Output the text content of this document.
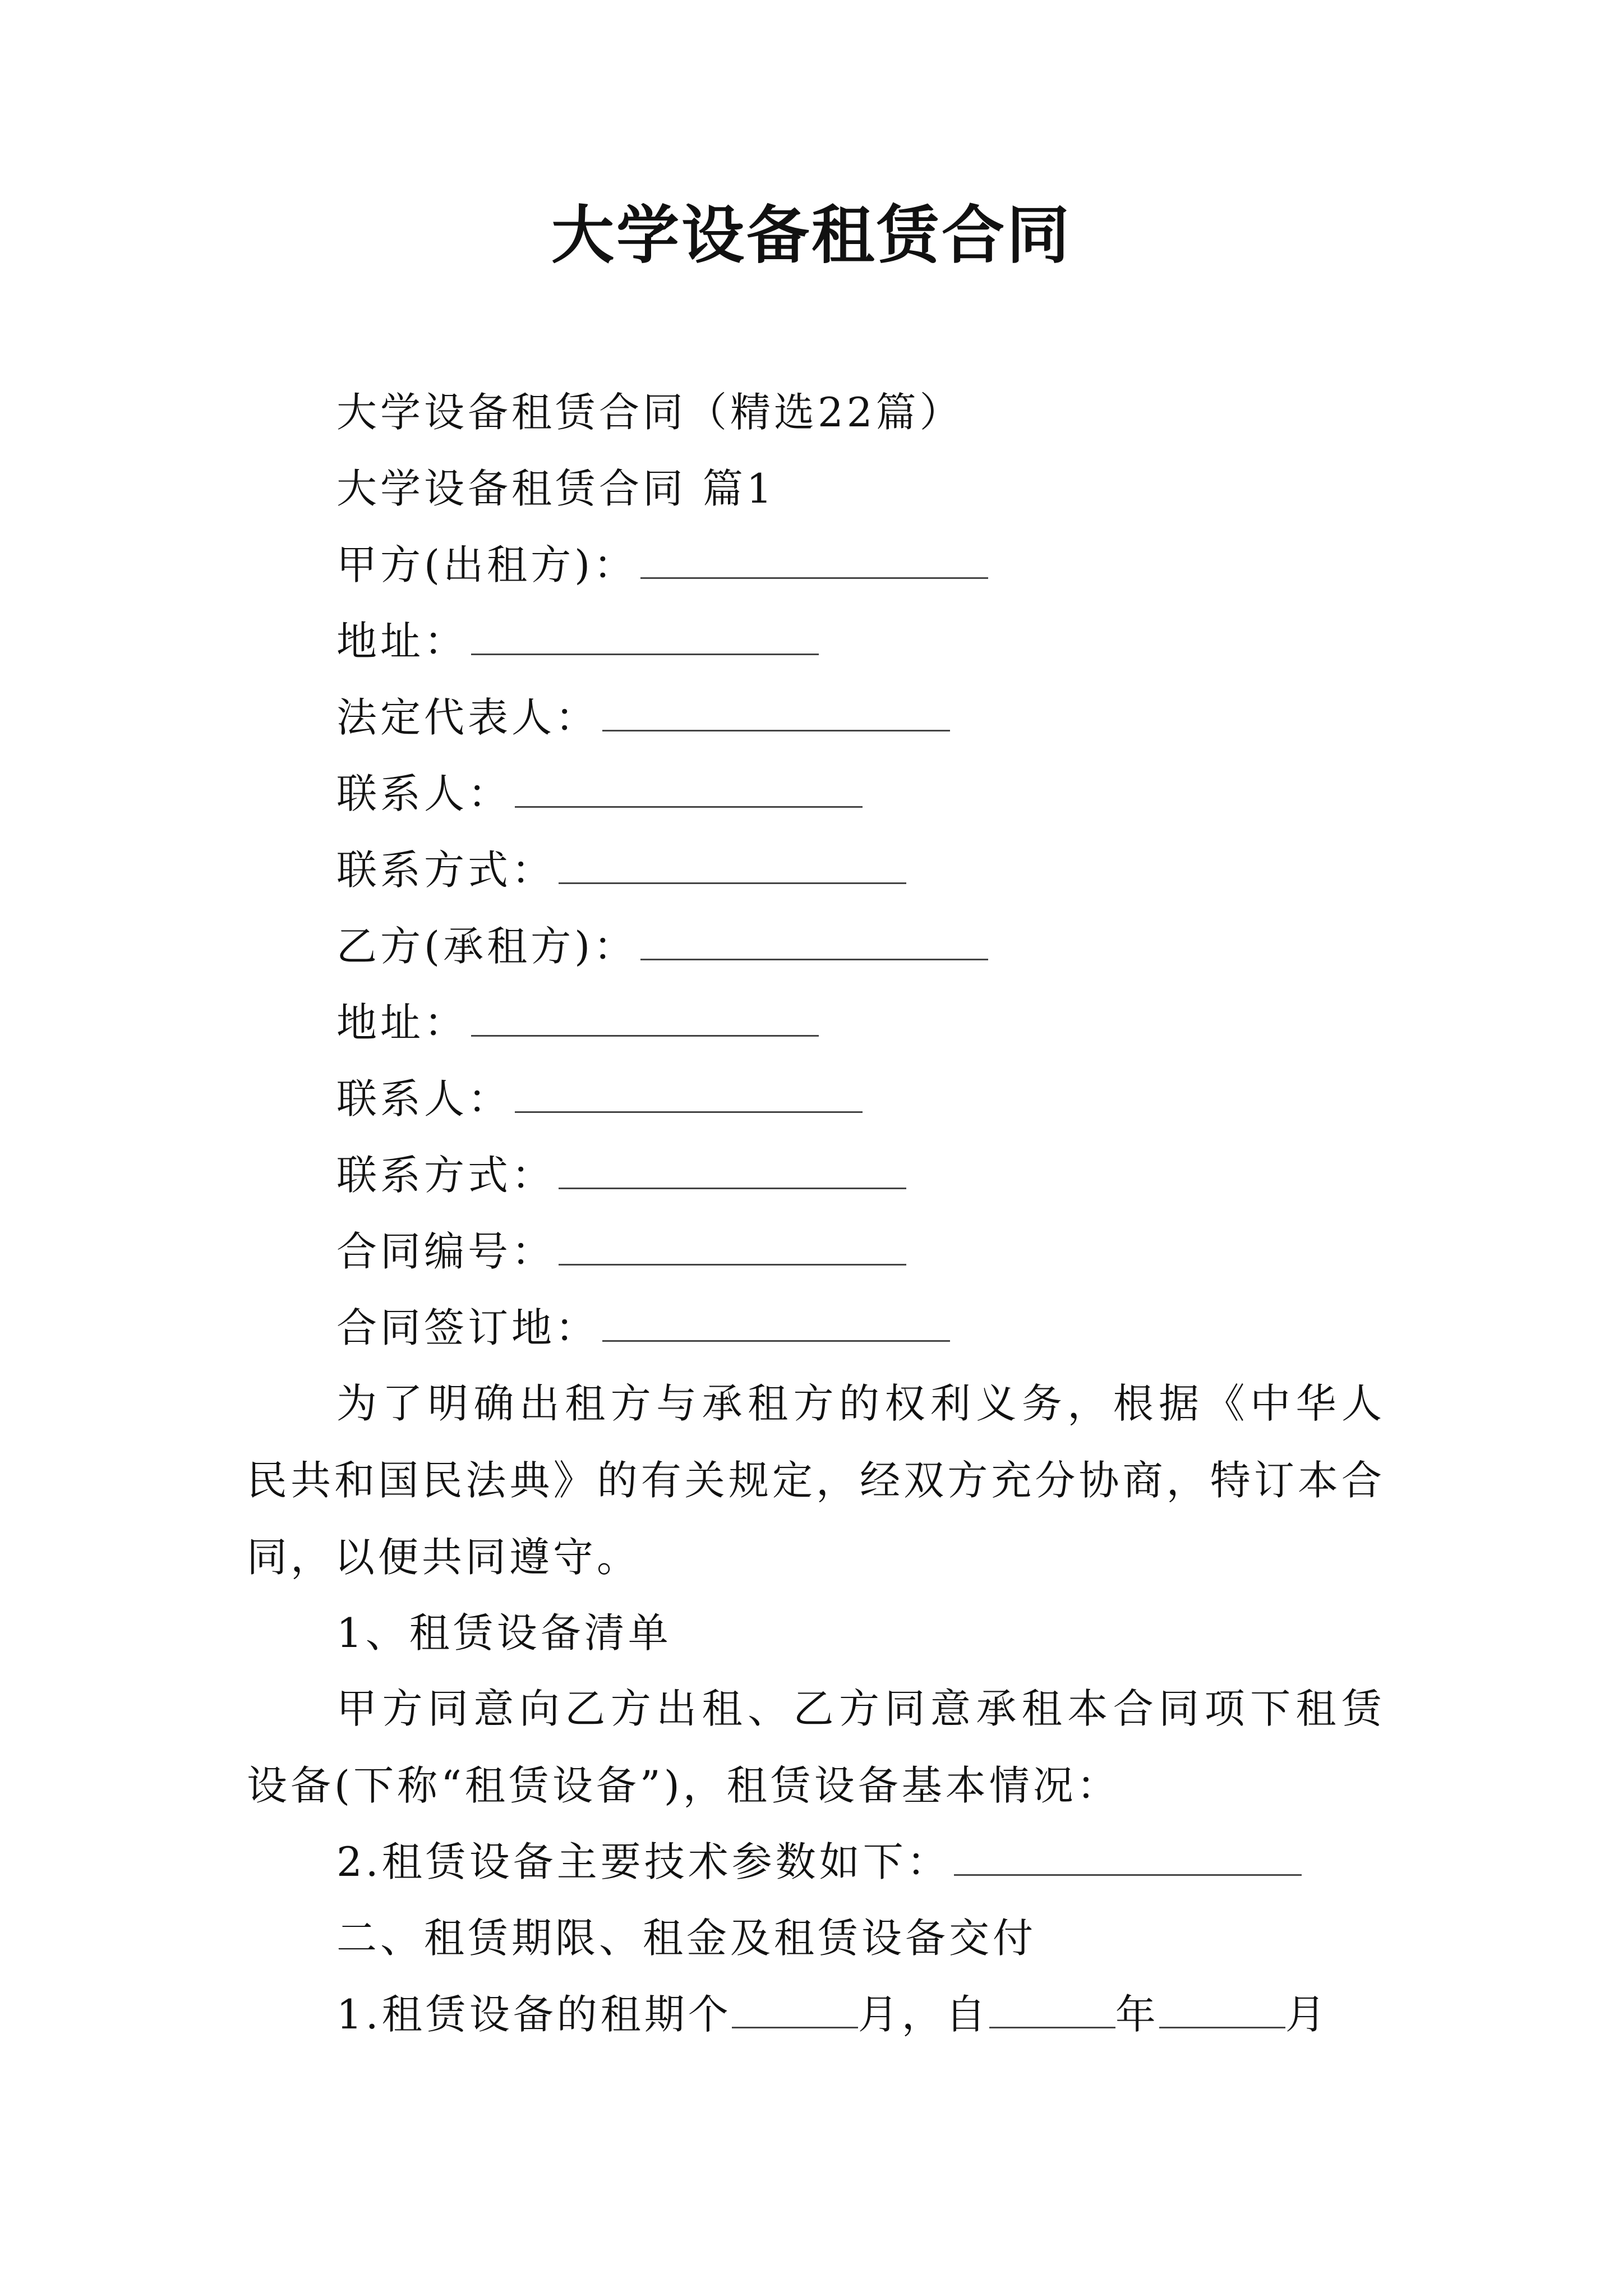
大学设备租赁合同
大学设备租赁合同（精选22篇）
大学设备租赁合同 篇1
甲方(出租方)：
地址：
法定代表人：
联系人：
联系方式：
乙方(承租方)：
地址：
联系人：
联系方式：
合同编号：
合同签订地：
为了明确出租方与承租方的权利义务，根据《中华人民共和国民法典》的有关规定，经双方充分协商，特订本合同，以便共同遵守。
1、租赁设备清单
甲方同意向乙方出租、乙方同意承租本合同项下租赁设备(下称“租赁设备”)，租赁设备基本情况：
2.租赁设备主要技术参数如下：
二、租赁期限、租金及租赁设备交付
1.租赁设备的租期个	月，自	年	月
